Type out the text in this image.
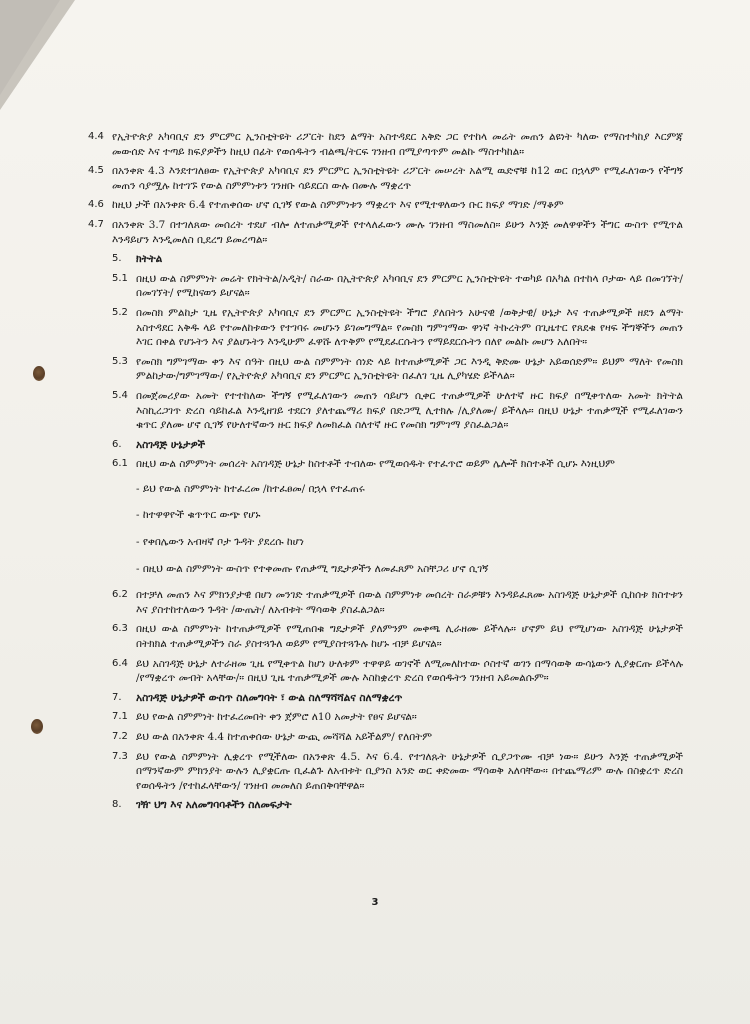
4.4 የኢትዮጵያ አካባቢና ደን ምርምር ኢንስቲትዩት ሪፖርት ከደን ልማት አስተዳደር አቅድ ጋር የተከላ መሬት መጠን ልዩነት ካለው የማስተካከያ እርምጃ መውሰድ እና ተጣይ ክፍያዎችን ከዚህ በፊት የወሰዱትን ብልጫ/ትርፍ ገንዘብ በሚያጣጥም መልኩ ማስተካከል።
4.5 በአንቀጽ 4.3 እንደተገለፀው የኢትዮጵያ አካባቢና ደን ምርምር ኢንስቲትዩት ሪፖርት መሠረት አልሚ ዉድኖቹ ከ12 ወር በኋላም የሚፈለገውን የችግኝ መጠን ሳያሟሉ ከተገኙ የውል ስምምነቱን ገንዘቡ ሳይደርስ ውሉ በሙሉ ማቋረጥ
4.6 ከዚህ ታች በአንቀጽ 6.4 የተጠቀሰው ሆኖ ሲገኝ የውል ስምምነቱን ማቋረጥ እና የሚተዋለውን ቡር ክፍያ ማገድ /ማቆም
4.7 በአንቀጽ 3.7 በተገለጸው መሰረት ተደሆ ብሎ ለተጠቃሚዎች የተላለፈውን ሙሉ ገንዘብ ማስመለስ። ይሁን እንጅ መለዋዋችን ችግር ውስጥ የሚጥል እንዳይሆን እንዲመለስ ቢደረግ ይመረጣል።
5.	ክትትል
5.1 በዚህ ውል ስምምነት መሬት የክትትል/አዲት/ ስራው በኢትዮጵያ አካባቢና ደን ምርምር ኢንስቲትዩት ተወካይ በአካል በተከላ ቦታው ላይ በመገኘት/በመገኘት/ የሚከናወን ይሆናል።
5.2 በመስክ ምልከታ ጊዜ የኢትዮጵያ አካባቢና ደን ምርምር ኢንስቲትዩት ችግሮ ያለበትን አሁናዊ /ወቅታዊ/ ሁኔታ እና ተጠቃሚዎች ዘደን ልማት አስተዳደር አቅዱ ላይ የተመለከቱውን የተገባሩ መሆኑን ይገመግማል። የመስክ ግምገማው ዋነኛ ትኩረትም በጊዜተር የጸደቁ የዛፍ ችግኞችን መጠን እገር በቀል የሆኑትን እና ያልሆኑትን እንዲሁም ፈዋሹ ለጥቅም የሚደፈርሱትን የማይደርሱትን በለየ መልኩ መሆን አለበት።
5.3 የመስክ ግምገማው ቀን እና ሰዓት በዚህ ውል ስምምነት ሰነድ ላይ ከተጠቃሚዎች ጋር እንዲ ቅድሙ ሁኔታ አይወሰድም። ይህም ማለት የመስክ ምልከታው/ግምገማው/ የኢትዮጵያ አካባቢና ደን ምርምር ኢንስቲትዩት በፈለገ ጊዜ ሊያካሄድ ይችላል።
5.4 በመጀመሪያው አመት የተተከለው ችግኝ የሚፈለገውን መጠን ሳይሆን ሲቀር ተጠቃሚዎች ሁለተኛ ዙር ክፍያ በሚቀጥለው አመት ክትትል እስኪረጋገጥ ድረስ ሳይከፈል እንዲዘገይ ተደርጎ ያለተጨማሪ ክፍያ በድጋሚ ሊተክሉ /ሊያለሙ/ ይችላሉ። በዚህ ሁኔታ ተጠቃሚች የሚፈለገውን ቁጥር ያለሙ ሆኖ ሲገኝ የሁለተኛውን ዙር ክፍያ ለመክፈል ስለተኛ ዙር የመስክ ግምገማ ያስፈልጋል።
6.	አስገዳጅ ሁኔታዎች
6.1 በዚህ ውል ስምምነት መሰረት አስገዳጅ ሁኔታ ከስተቶች ተብለው የሚወሰዱት የተፈጥሮ ወይም ሌሎች ክስተቶች ሲሆኑ እነዚህም
- ይህ የውል ስምምነት ከተፈረመ /ከተፈፀመ/ በኋላ የተፈጠሩ
- ከተዋዋዮች ቁጥጥር ውጭ የሆኑ
- የቀበሌውን አብዛኛ ቦታ ጉዳት ያደረሱ ከሆነ
- በዚህ ውል ስምምነት ውስጥ የተቀመጡ የጠቃሚ ግዴታዎችን ለመፈጸም አስቸጋሪ ሆኖ ሲገኝ
6.2 በተቻለ መጠን እና ምክንያታዊ በሆነ መንገድ ተጠቃሚዎች በውል ስምምነቱ መሰረት ስራዎቹን እንዳይፈጸሙ አስገዳጅ ሁኔታዎች ሲከሰቱ ክስተቱን እና ያስተከተለውን ጉዳት /ውጤት/ ለአብቱት ማሳወቅ ያስፈልጋል።
6.3 በዚህ ውል ስምምነት ከተጠቃሚዎች የሚጠበቁ ግዴታዎች ያለምንም መቀጫ ሊራዘሙ ይችላሉ። ሆኖም ይህ የሚሆነው አስገዳጅ ሁኔታዎች በትክክል ተጠቃሚዎችን ስራ ያስተጓጉለ ወይም የሚያስተጓጉሉ ከሆኑ ብቻ ይሆናል።
6.4 ይህ አስገዳጅ ሁኔታ ለተራዘመ ጊዜ የሚቀጥል ከሆነ ሁለቱም ተዋዋይ ወገኖች ለሚመለከተው ሶስተኛ ወገን በማሳወቅ ውሳኔውን ሊያቋርጡ ይችላሉ /የማቋረጥ መብት አላቸው/። በዚህ ጊዜ ተጠቃሚዎች ሙሉ እስከቋረጥ ድረስ የወሰዱትን ገንዘብ አይመልሱም።
7.	አስገዳጅ ሁኔታዎች ውስጥ ስለመግባት ፣ ውል ስለማሻሻልና ስለማቋረጥ
7.1 ይህ የውል ስምምነት ከተፈረመበት ቀን ጀምሮ ለ10 አመታት የፀና ይሆናል።
7.2 ይህ ውል በአንቀጽ 4.4 ከተጠቀሰው ሁኔታ ውጪ መሻሻል አይችልም/ የለበትም
7.3 ይህ የውል ስምምነት ሊቋረጥ የሚችለው በአንቀጽ 4.5. እና 6.4. የተገለጹት ሁኔታዎች ሲያጋጥሙ ብቻ ነው። ይሁን እንጅ ተጠቃሚዎች በማንኛውም ምክንያት ውሉን ሊያቋርጡ ቢፈልጉ ለአብቱት ቢያንስ አንድ ወር ቀድመው ማሳወቅ አለባቸው። በተጨማሪም ውሉ በስቋረጥ ድረስ የወሰዱትን /የተከፈላቸውን/ ገንዘብ መመለስ ይጠበቅባቸዋል።
8.	ገዥ ህግ እና አለመግባባቶችን ስለመፍታት
3
